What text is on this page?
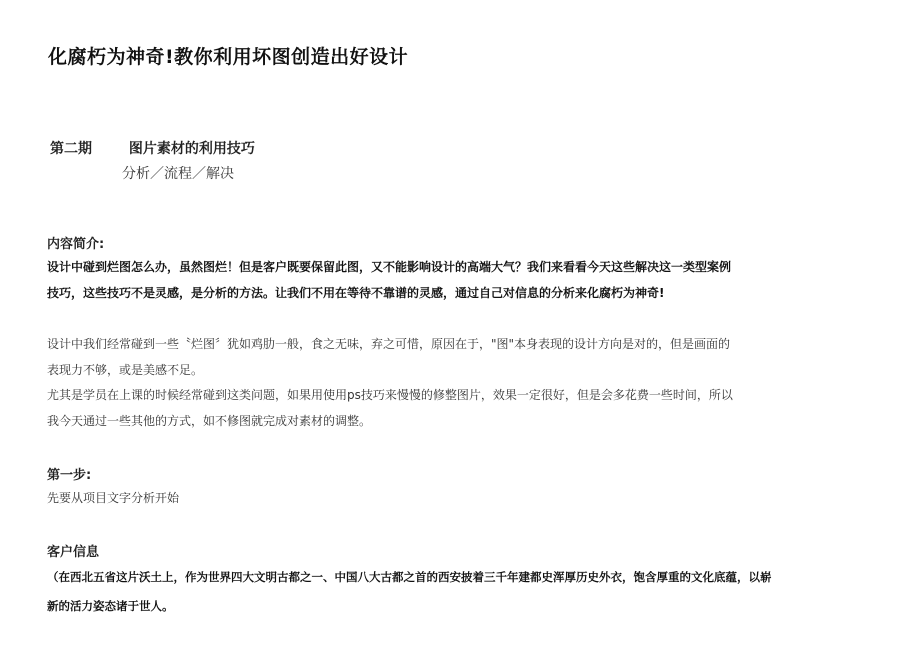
化腐朽为神奇!教你利用坏图创造出好设计
第二期	图片素材的利用技巧
分析／流程／解决
内容简介:
设计中碰到烂图怎么办，虽然图烂！但是客户既要保留此图，又不能影响设计的高端大气？我们来看看今天这些解决这一类型案例
技巧，这些技巧不是灵感，是分析的方法。让我们不用在等待不靠谱的灵感，通过自己对信息的分析来化腐朽为神奇!
设计中我们经常碰到一些〝烂图〞犹如鸡肋一般，食之无味，弃之可惜，原因在于，"图"本身表现的设计方向是对的，但是画面的
表现力不够，或是美感不足。
尤其是学员在上课的时候经常碰到这类问题，如果用使用ps技巧来慢慢的修整图片，效果一定很好，但是会多花费一些时间，所以
我今天通过一些其他的方式，如不修图就完成对素材的调整。
第一步:
先要从项目文字分析开始
客户信息
（在西北五省这片沃土上，作为世界四大文明古都之一、中国八大古都之首的西安披着三千年建都史浑厚历史外衣，饱含厚重的文化底蕴，以崭
新的活力姿态诸于世人。
